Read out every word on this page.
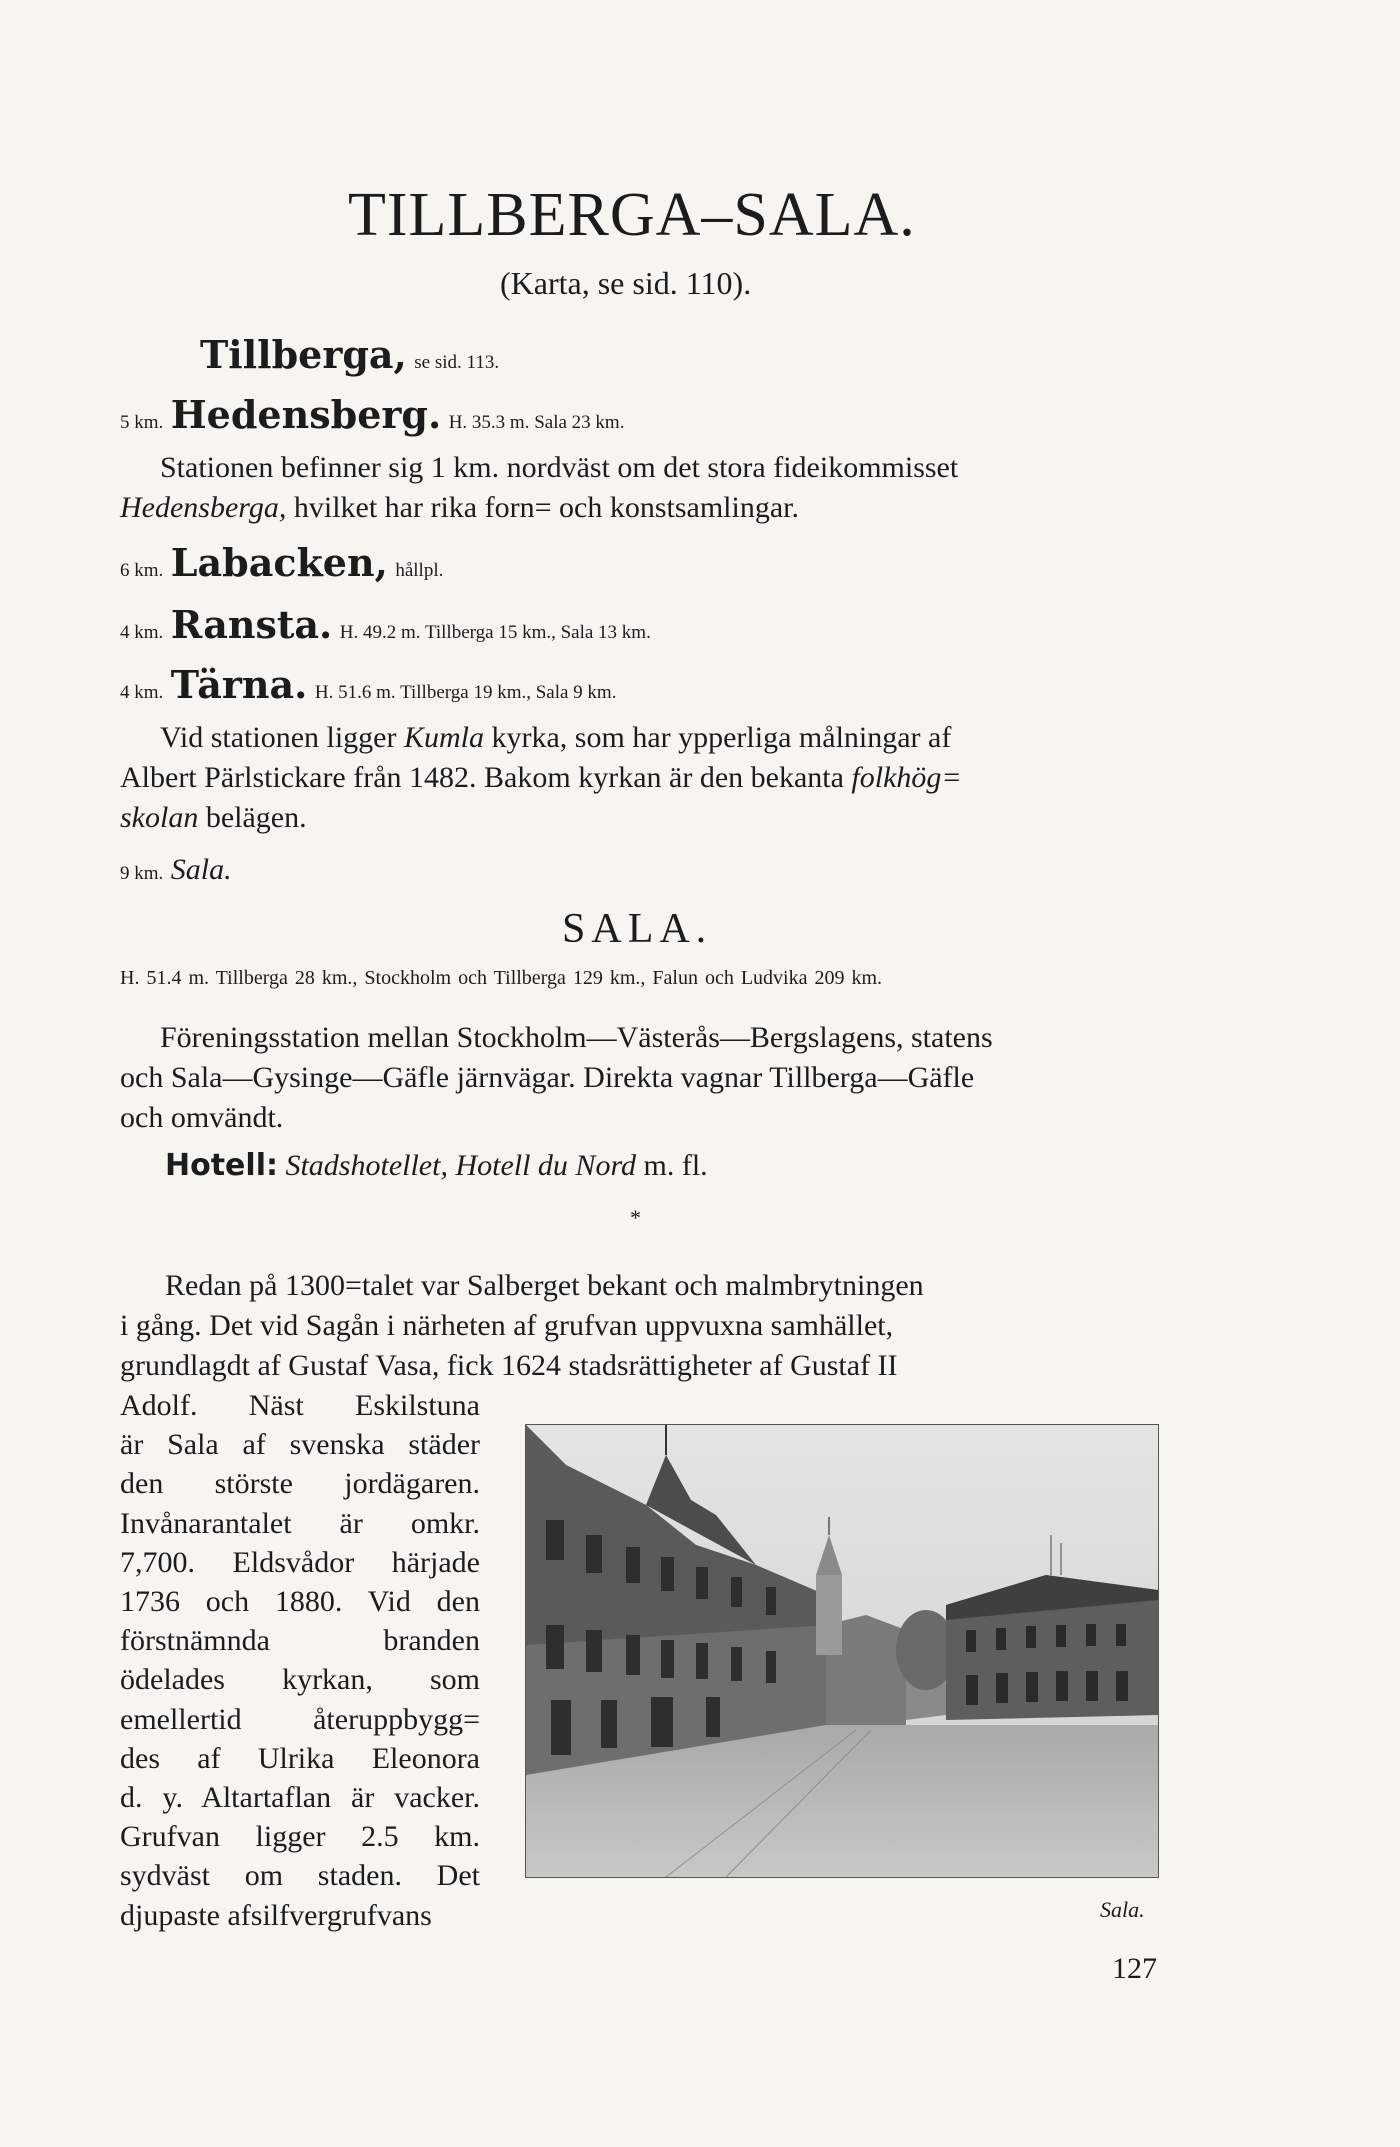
TILLBERGA–SALA.
(Karta, se sid. 110).
Tillberga, se sid. 113.
5 km. Hedensberg. H. 35.3 m. Sala 23 km.
Stationen befinner sig 1 km. nordväst om det stora fideikommisset
Hedensberga, hvilket har rika forn= och konstsamlingar.
6 km. Labacken, hållpl.
4 km. Ransta. H. 49.2 m. Tillberga 15 km., Sala 13 km.
4 km. Tärna. H. 51.6 m. Tillberga 19 km., Sala 9 km.
Vid stationen ligger Kumla kyrka, som har ypperliga målningar af
Albert Pärlstickare från 1482. Bakom kyrkan är den bekanta folkhög=
skolan belägen.
9 km. Sala.
SALA.
H. 51.4 m. Tillberga 28 km., Stockholm och Tillberga 129 km., Falun och Ludvika 209 km.
Föreningsstation mellan Stockholm—Västerås—Bergslagens, statens
och Sala—Gysinge—Gäfle järnvägar. Direkta vagnar Tillberga—Gäfle
och omvändt.
Hotell: Stadshotellet, Hotell du Nord m. fl.
*
Redan på 1300=talet var Salberget bekant och malmbrytningen
i gång. Det vid Sagån i närheten af grufvan uppvuxna samhället,
grundlagdt af Gustaf Vasa, fick 1624 stadsrättigheter af Gustaf II
Adolf. Näst Eskilstuna
är Sala af svenska städer
den störste jordägaren.
Invånarantalet är omkr.
7,700. Eldsvådor härjade
1736 och 1880. Vid den
förstnämnda branden
ödelades kyrkan, som
emellertid återuppbygg=
des af Ulrika Eleonora
d. y. Altartaflan är vacker.
Grufvan ligger 2.5 km.
sydväst om staden. Det
djupaste afsilfvergrufvans	Sala.
127
